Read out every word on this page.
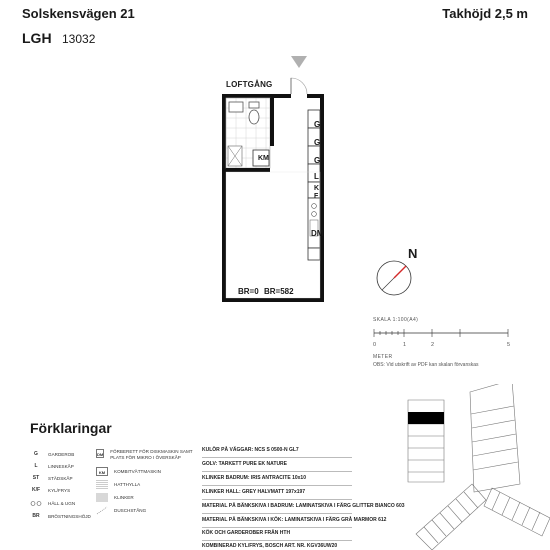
Solskensvägen 21	Takhöjd 2,5 m
LGH 13032
LOFTGÅNG
G
G
G
L
K
F
DM
KM
BR=0 BR=582
N
SKALA 1:100(A4)
0	1	2	5
METER
OBS: Vid utskrift av PDF kan skalan förvanskas
Förklaringar
G	GARDEROB
L	LINNESKÅP
ST	STÄDSKÅP
K/F	KYL/FRYS
HÄLL & UGN
BR	BRÖSTNINGSHÖJD
DM
FÖRBERETT FÖR DISKMASKIN SAMT PLATS FÖR MIKRO I ÖVERSKÅP
KM	KOMBITVÄTTMASKIN
HATTHYLLA
KLINKER
DUSCHSTÅNG
KULÖR PÅ VÄGGAR: NCS S 0500-N GL7
GOLV: TARKETT PURE EK NATURE
KLINKER BADRUM: IRIS ANTRACITE 10x10
KLINKER HALL: GREY HALVMATT 197x197
MATERIAL PÅ BÄNKSKIVA I BADRUM: LAMINATSKIVA I FÄRG GLITTER BIANCO 603
MATERIAL PÅ BÄNKSKIVA I KÖK: LAMINATSKIVA I FÄRG GRÅ MARMOR 612
KÖK OCH GARDEROBER FRÅN HTH
KOMBINERAD KYL/FRYS, BOSCH ART. NR. KGV36UW20
